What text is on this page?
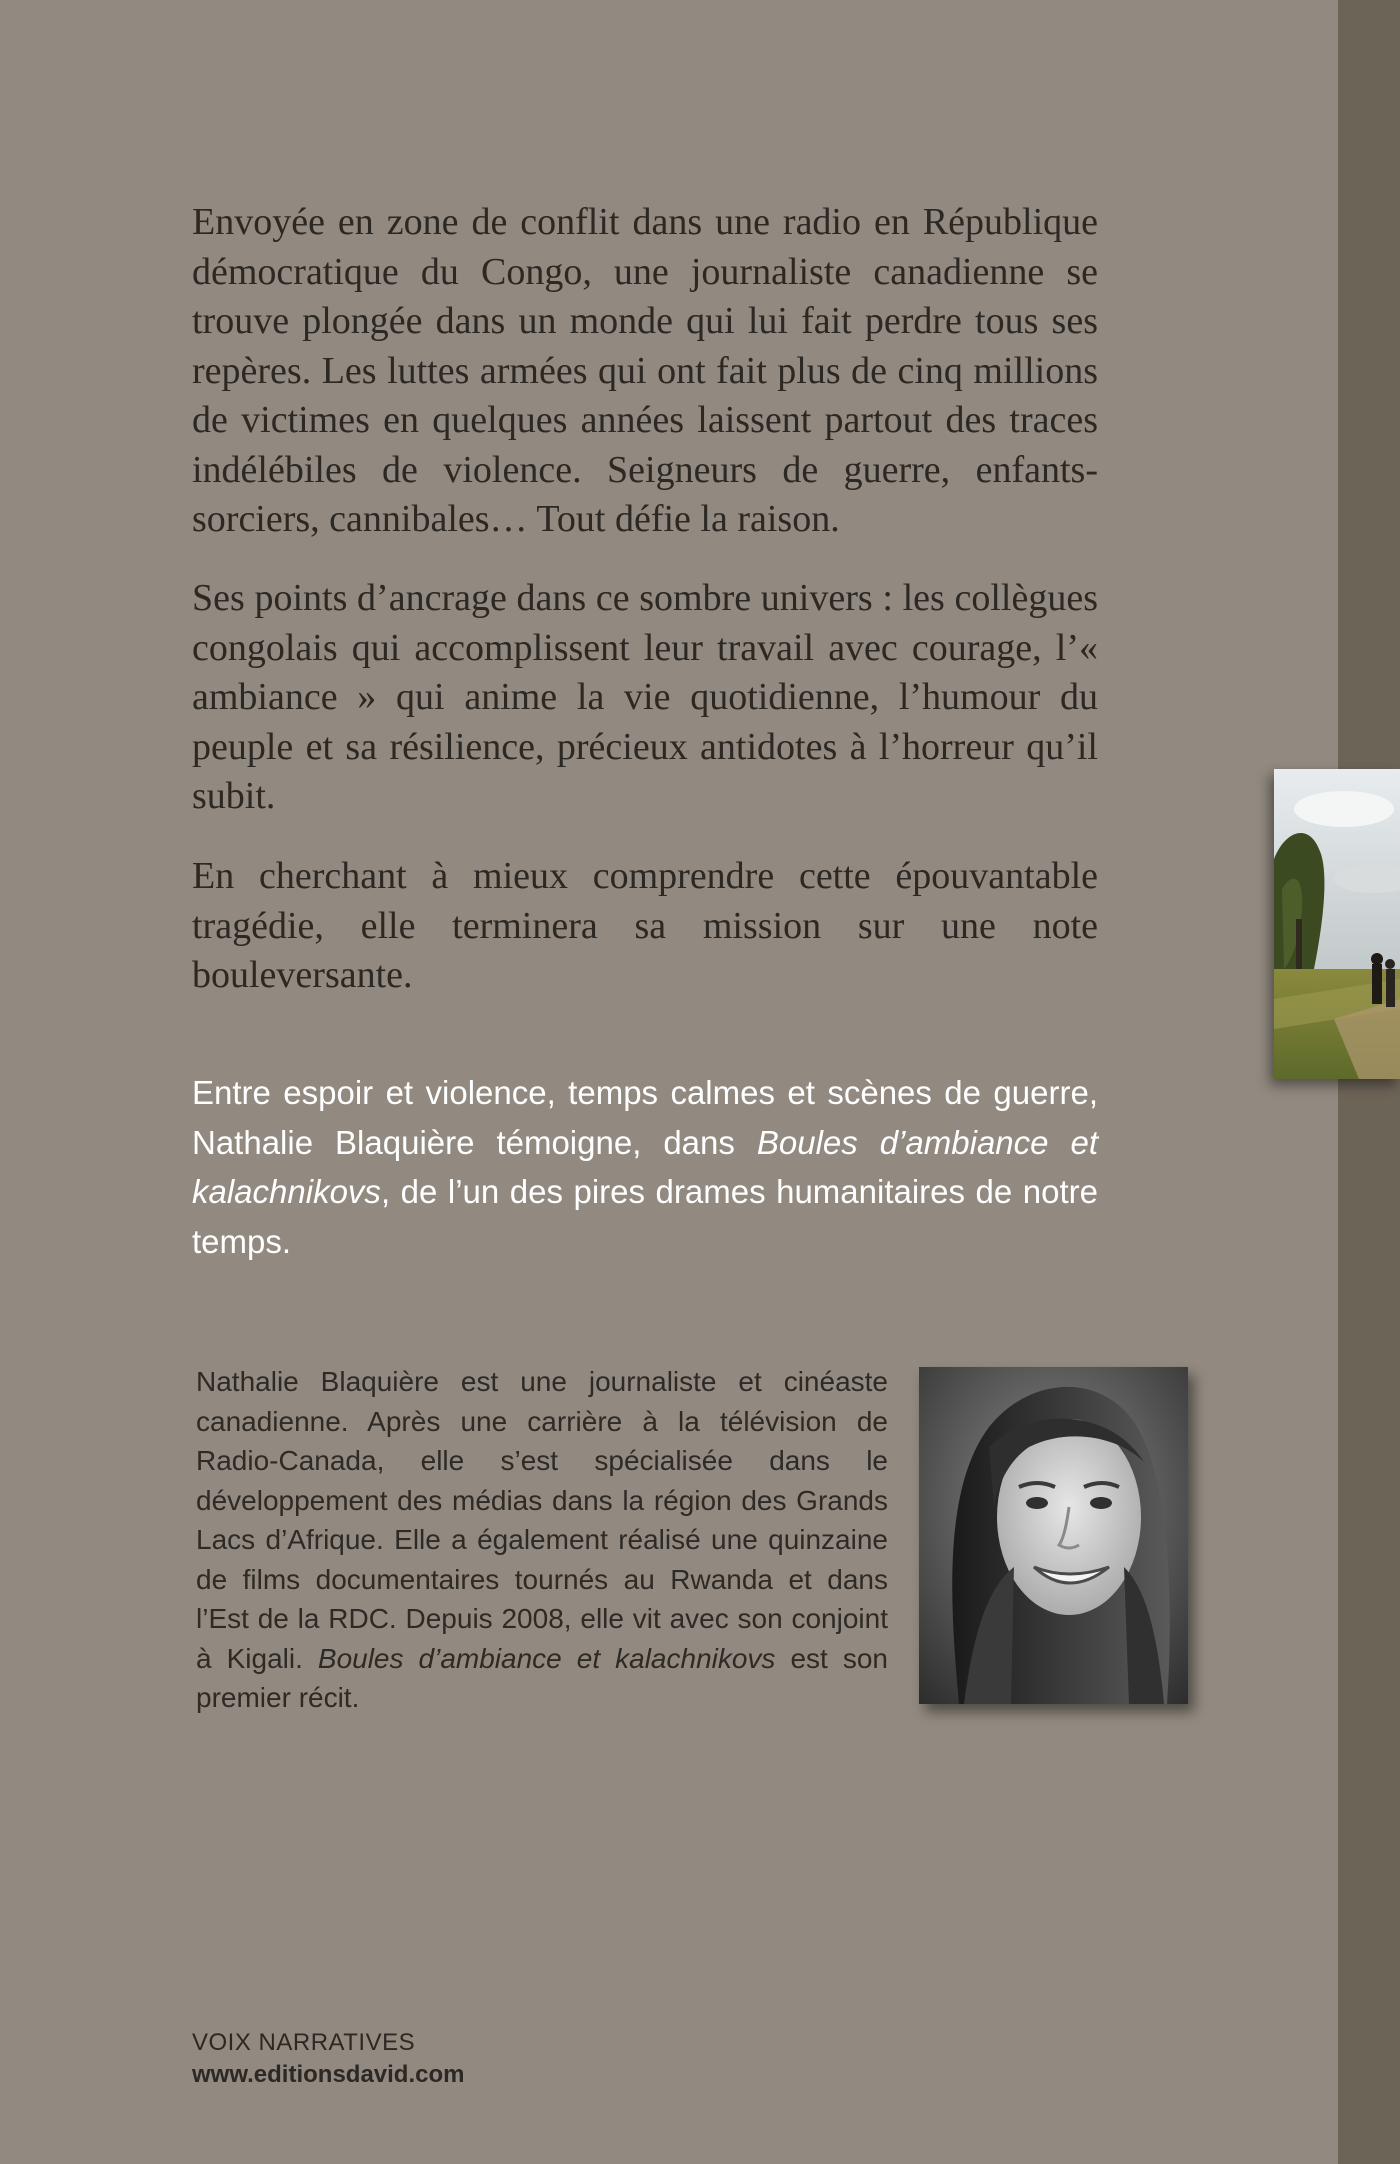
Envoyée en zone de conflit dans une radio en République démocratique du Congo, une journaliste canadienne se trouve plongée dans un monde qui lui fait perdre tous ses repères. Les luttes armées qui ont fait plus de cinq millions de victimes en quelques années laissent partout des traces indélébiles de violence. Seigneurs de guerre, enfants-sorciers, cannibales… Tout défie la raison.

Ses points d’ancrage dans ce sombre univers : les collègues congolais qui accomplissent leur travail avec courage, l’« ambiance » qui anime la vie quotidienne, l’humour du peuple et sa résilience, précieux antidotes à l’horreur qu’il subit.

En cherchant à mieux comprendre cette épouvantable tragédie, elle terminera sa mission sur une note bouleversante.

Entre espoir et violence, temps calmes et scènes de guerre, Nathalie Blaquière témoigne, dans Boules d’ambiance et kalachnikovs, de l’un des pires drames humanitaires de notre temps.

Nathalie Blaquière est une journaliste et cinéaste canadienne. Après une carrière à la télévision de Radio-Canada, elle s’est spécialisée dans le développement des médias dans la région des Grands Lacs d’Afrique. Elle a également réalisé une quinzaine de films documentaires tournés au Rwanda et dans l’Est de la RDC. Depuis 2008, elle vit avec son conjoint à Kigali. Boules d’ambiance et kalachnikovs est son premier récit.

VOIX NARRATIVES
www.editionsdavid.com
